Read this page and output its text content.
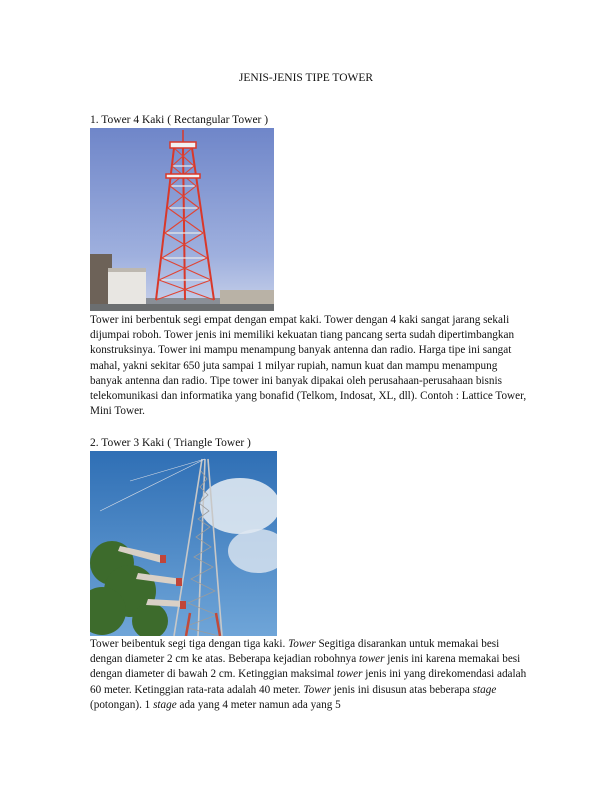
JENIS-JENIS TIPE TOWER
1. Tower 4 Kaki ( Rectangular Tower )

Tower ini berbentuk segi empat dengan empat kaki. Tower dengan 4 kaki sangat jarang sekali dijumpai roboh. Tower jenis ini memiliki kekuatan tiang pancang serta sudah dipertimbangkan konstruksinya. Tower ini mampu menampung banyak antenna dan radio. Harga tipe ini sangat mahal, yakni sekitar 650 juta sampai 1 milyar rupiah, namun kuat dan mampu menampung banyak antenna dan radio. Tipe tower ini banyak dipakai oleh perusahaan-perusahaan bisnis telekomunikasi dan informatika yang bonafid (Telkom, Indosat, XL, dll). Contoh : Lattice Tower, Mini Tower.

2. Tower 3 Kaki ( Triangle Tower )

Tower beibentuk segi tiga dengan tiga kaki. Tower Segitiga disarankan untuk memakai besi dengan diameter 2 cm ke atas. Beberapa kejadian robohnya tower jenis ini karena memakai besi dengan diameter di bawah 2 cm. Ketinggian maksimal tower jenis ini yang direkomendasi adalah 60 meter. Ketinggian rata-rata adalah 40 meter. Tower jenis ini disusun atas beberapa stage (potongan). 1 stage ada yang 4 meter namun ada yang 5
